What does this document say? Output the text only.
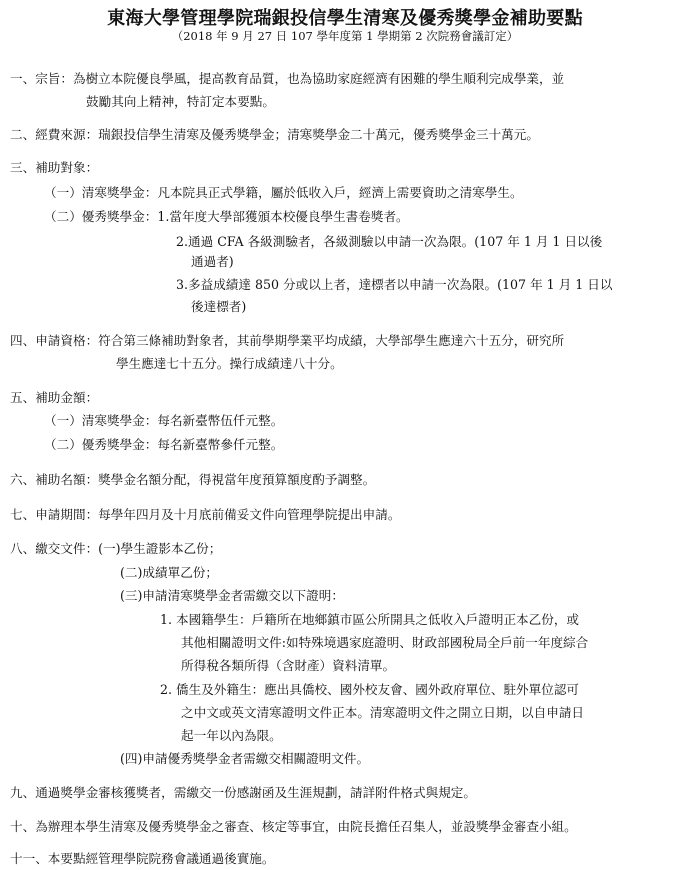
東海大學管理學院瑞銀投信學生清寒及優秀獎學金補助要點
（2018 年 9 月 27 日 107 學年度第 1 學期第 2 次院務會議訂定）
一、宗旨：為樹立本院優良學風，提高教育品質，也為協助家庭經濟有困難的學生順利完成學業，並
鼓勵其向上精神，特訂定本要點。
二、經費來源：瑞銀投信學生清寒及優秀獎學金；清寒獎學金二十萬元，優秀獎學金三十萬元。
三、補助對象：
（一）清寒獎學金：凡本院具正式學籍，屬於低收入戶，經濟上需要資助之清寒學生。
（二）優秀獎學金：1.當年度大學部獲頒本校優良學生書卷獎者。
2.通過 CFA 各級測驗者，各級測驗以申請一次為限。(107 年 1 月 1 日以後
通過者)
3.多益成績達 850 分或以上者，達標者以申請一次為限。(107 年 1 月 1 日以
後達標者)
四、申請資格：符合第三條補助對象者，其前學期學業平均成績，大學部學生應達六十五分，研究所
學生應達七十五分。操行成績達八十分。
五、補助金額：
（一）清寒獎學金：每名新臺幣伍仟元整。
（二）優秀獎學金：每名新臺幣參仟元整。
六、補助名額：獎學金名額分配，得視當年度預算額度酌予調整。
七、申請期間：每學年四月及十月底前備妥文件向管理學院提出申請。
八、繳交文件：(一)學生證影本乙份；
(二)成績單乙份；
(三)申請清寒獎學金者需繳交以下證明：
1. 本國籍學生：戶籍所在地鄉鎮市區公所開具之低收入戶證明正本乙份，或
其他相關證明文件:如特殊境遇家庭證明、財政部國稅局全戶前一年度綜合
所得稅各類所得（含財產）資料清單。
2. 僑生及外籍生：應出具僑校、國外校友會、國外政府單位、駐外單位認可
之中文或英文清寒證明文件正本。清寒證明文件之開立日期，以自申請日
起一年以內為限。
(四)申請優秀獎學金者需繳交相關證明文件。
九、通過獎學金審核獲獎者，需繳交一份感謝函及生涯規劃，請詳附件格式與規定。
十、為辦理本學生清寒及優秀獎學金之審查、核定等事宜，由院長擔任召集人，並設獎學金審查小組。
十一、本要點經管理學院院務會議通過後實施。
